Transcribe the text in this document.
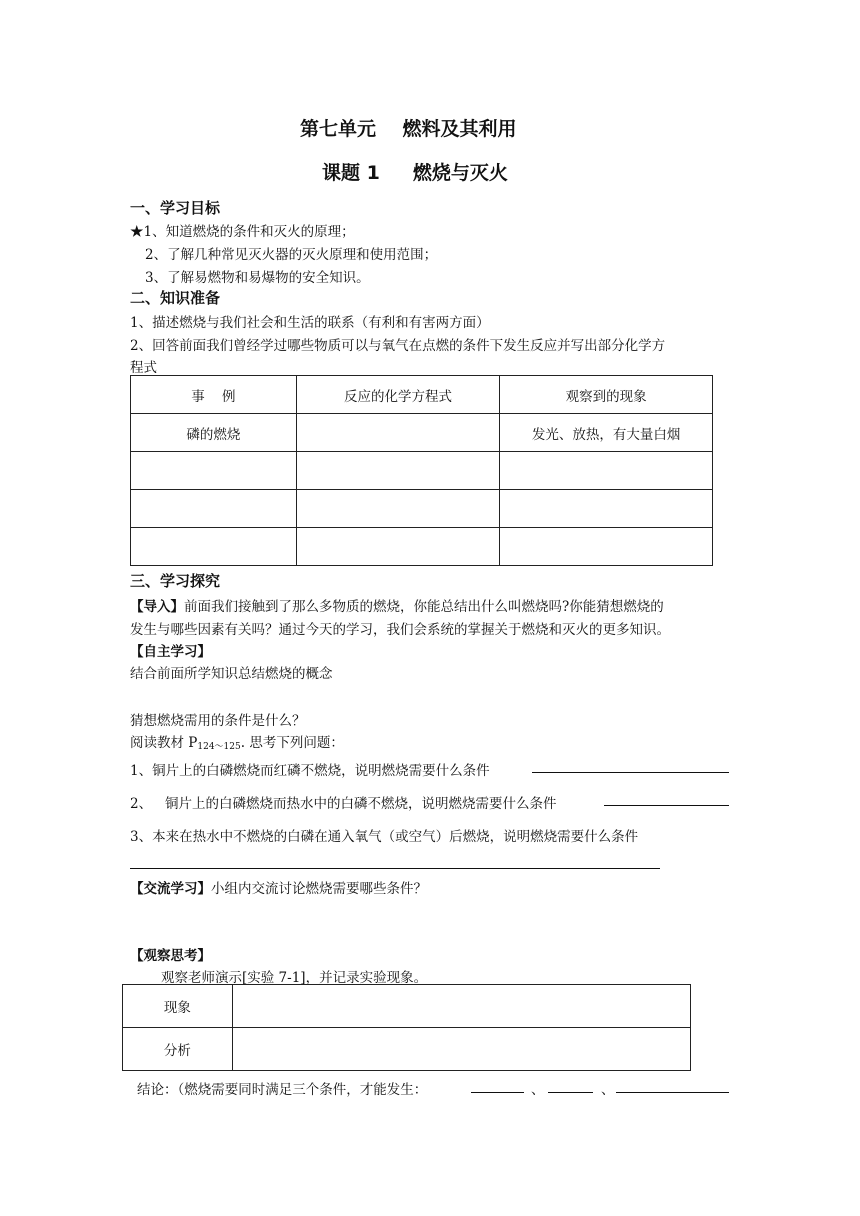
第七单元    燃料及其利用
课题 1     燃烧与灭火
一、学习目标
★1、知道燃烧的条件和灭火的原理；
2、了解几种常见灭火器的灭火原理和使用范围；
3、了解易燃物和易爆物的安全知识。
二、知识准备
1、描述燃烧与我们社会和生活的联系（有利和有害两方面）
2、回答前面我们曾经学过哪些物质可以与氧气在点燃的条件下发生反应并写出部分化学方
程式
事    例	反应的化学方程式	观察到的现象
磷的燃烧		发光、放热，有大量白烟

三、学习探究
【导入】前面我们接触到了那么多物质的燃烧，你能总结出什么叫燃烧吗?你能猜想燃烧的
发生与哪些因素有关吗？通过今天的学习，我们会系统的掌握关于燃烧和灭火的更多知识。
【自主学习】
结合前面所学知识总结燃烧的概念
猜想燃烧需用的条件是什么？
阅读教材 $P_{124\sim 125}$. 思考下列问题：
1、铜片上的白磷燃烧而红磷不燃烧，说明燃烧需要什么条件
2、   铜片上的白磷燃烧而热水中的白磷不燃烧，说明燃烧需要什么条件
3、本来在热水中不燃烧的白磷在通入氧气（或空气）后燃烧，说明燃烧需要什么条件
【交流学习】小组内交流讨论燃烧需要哪些条件？
【观察思考】
观察老师演示[实验 7-1]，并记录实验现象。
现象	
分析	
结论：（燃烧需要同时满足三个条件，才能发生：	、	、
